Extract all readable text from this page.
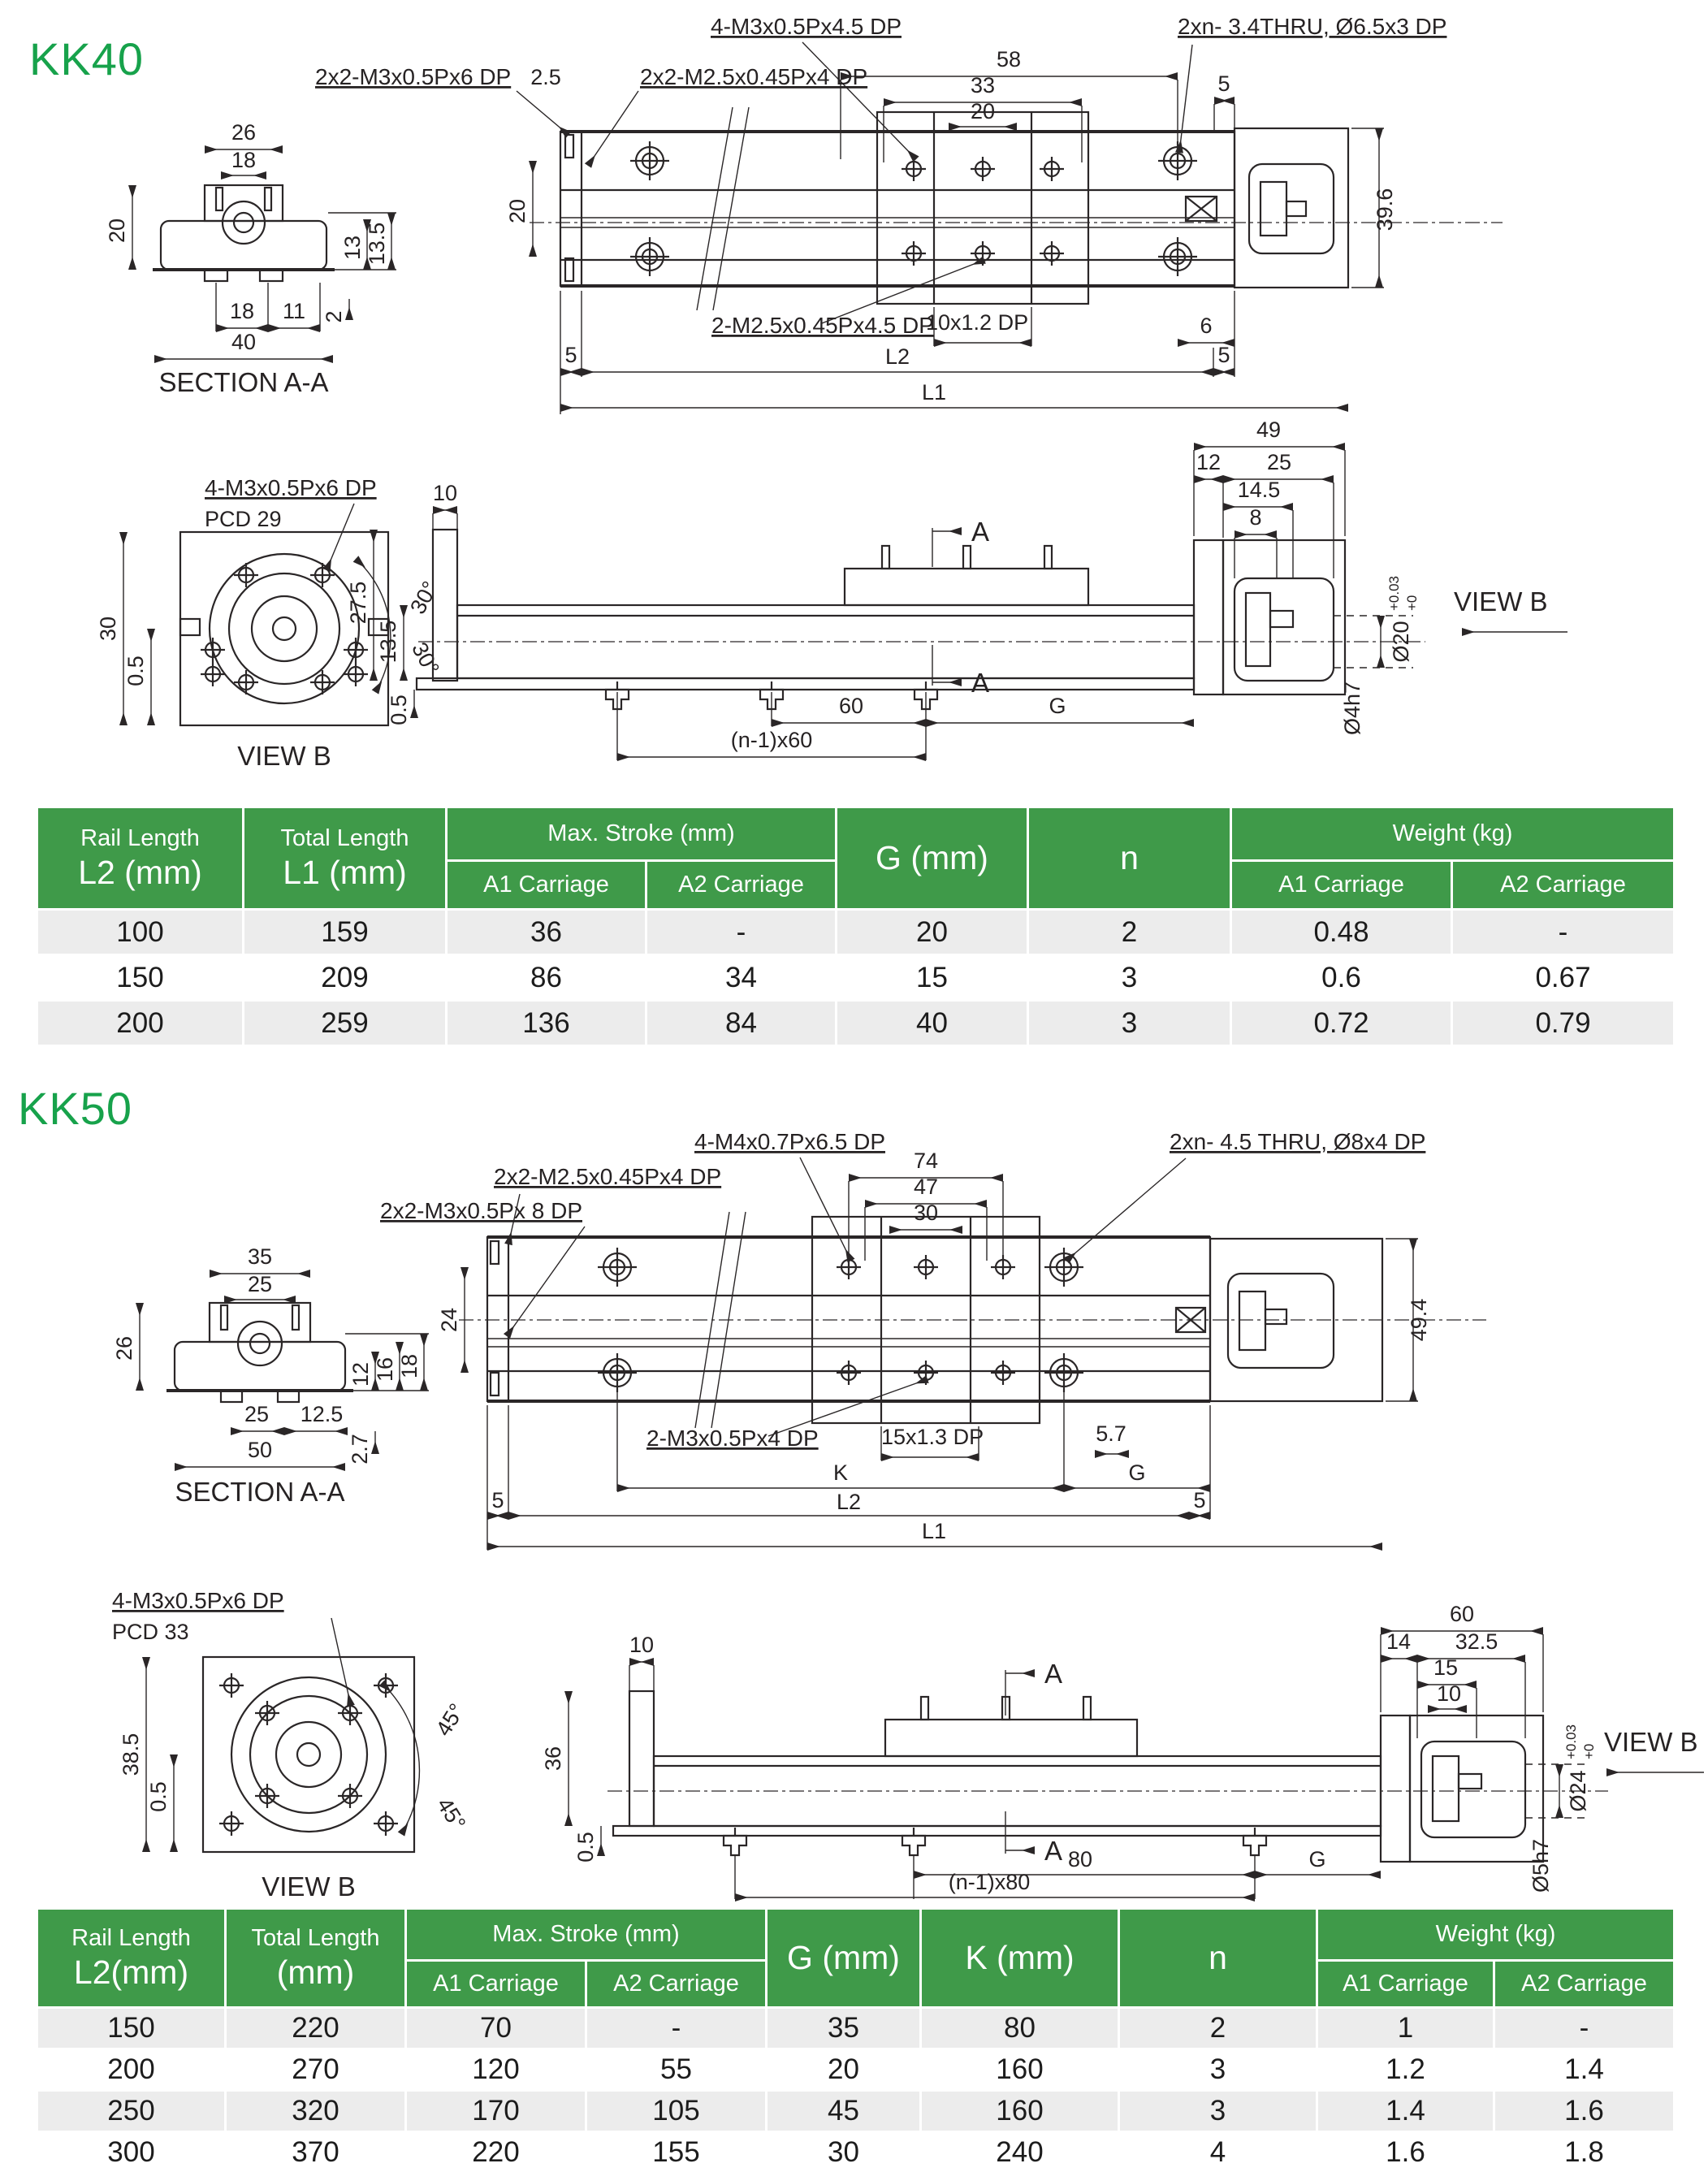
KK40
KK50
26
18
20
13 13.5
18 11 2
40
SECTION A-A
58
33
20
5
4-M3x0.5Px4.5 DP	2xn- 3.4THRU, Ø6.5x3 DP
2x2-M3x0.5Px6 DP 2.5	2x2-M2.5x0.45Px4 DP
20	39.6
2-M2.5x0.45Px4.5 DP
10x1.2 DP	6
5	L2	5
L1
30
0.5
4-M3x0.5Px6 DP
PCD 29
30°
30°
VIEW B
10
27.5
13.5
0.5
A
A
60	G
(n-1)x60
49
12 25
14.5
8
Ø20
+0.03 +0
Ø4h7
VIEW B
35
25
26
12 16 18
25 12.5
2.7
50
SECTION A-A
74
47
30
4-M4x0.7Px6.5 DP	2xn- 4.5 THRU, Ø8x4 DP
2x2-M2.5x0.45Px4 DP
2x2-M3x0.5Px 8 DP
24	49.4
2-M3x0.5Px4 DP	15x1.3 DP	5.7
K	G
5	L2	5
L1
4-M3x0.5Px6 DP
PCD 33
38.5
0.5
45°
45°
VIEW B
10
36
0.5
60
14 32.5
15
10
Ø24
+0.03 +0
Ø5h7
VIEW B
A
A 80	G
(n-1)x80
Rail Length
L2 (mm)	Total Length
L1 (mm)	Max. Stroke (mm)		G (mm)	n	Weight (kg)	

		A1 Carriage	A2 Carriage			A1 Carriage	A2 Carriage
100	159	36	-	20	2	0.48	-
150	209	86	34	15	3	0.6	0.67
200	259	136	84	40	3	0.72	0.79
Rail Length
L2(mm)	Total Length
(mm)	Max. Stroke (mm)		G (mm)	K (mm)	n	Weight (kg)	

		A1 Carriage	A2 Carriage				A1 Carriage	A2 Carriage
150	220	70	-	35	80	2	1	-
200	270	120	55	20	160	3	1.2	1.4
250	320	170	105	45	160	3	1.4	1.6
300	370	220	155	30	240	4	1.6	1.8
